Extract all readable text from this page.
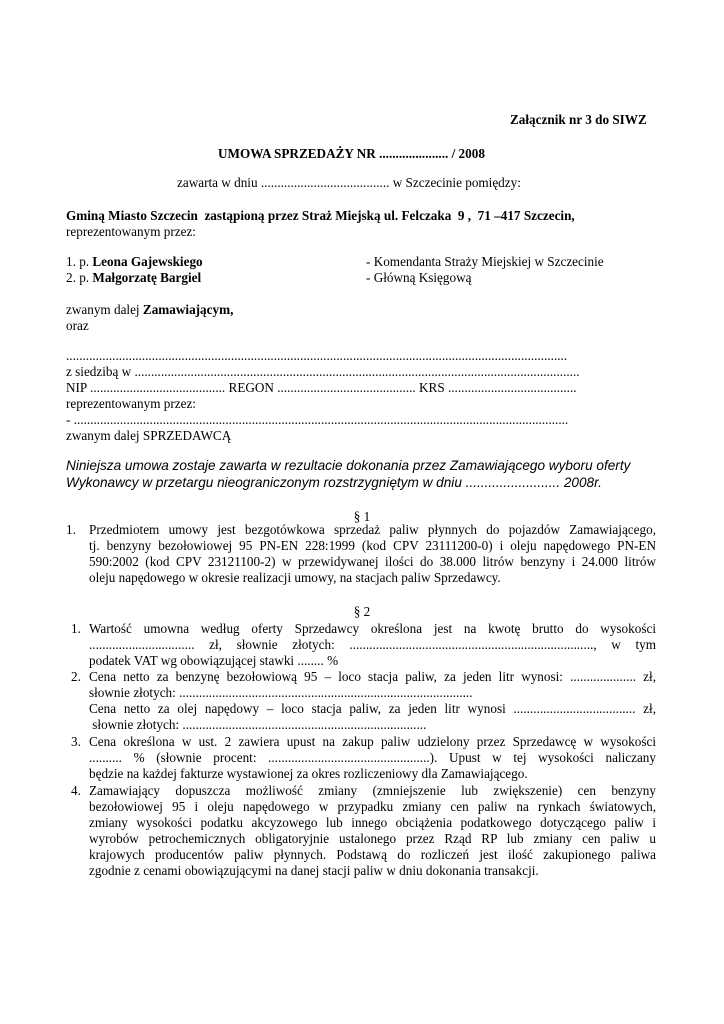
Załącznik nr 3 do SIWZ
UMOWA SPRZEDAŻY NR ..................... / 2008
zawarta w dniu ....................................... w Szczecinie pomiędzy:
Gminą Miasto Szczecin  zastąpioną przez Straż Miejską ul. Felczaka  9 ,  71 –417 Szczecin,
reprezentowanym przez:
1. p. Leona Gajewskiego	- Komendanta Straży Miejskiej w Szczecinie
2. p. Małgorzatę Bargiel	- Główną Księgową
zwanym dalej Zamawiającym,
oraz
........................................................................................................................................................
z siedzibą w .......................................................................................................................................
NIP ......................................... REGON .......................................... KRS .......................................
reprezentowanym przez:
- ......................................................................................................................................................
zwanym dalej SPRZEDAWCĄ
Niniejsza umowa zostaje zawarta w rezultacie dokonania przez Zamawiającego wyboru oferty
Wykonawcy w przetargu nieograniczonym rozstrzygniętym w dniu ......................... 2008r.
§ 1
1. Przedmiotem umowy jest bezgotówkowa sprzedaż paliw płynnych do pojazdów Zamawiającego,
tj. benzyny bezołowiowej 95 PN-EN 228:1999 (kod CPV 23111200-0) i oleju napędowego PN-EN
590:2002 (kod CPV 23121100-2) w przewidywanej ilości do 38.000 litrów benzyny i 24.000 litrów
oleju napędowego w okresie realizacji umowy, na stacjach paliw Sprzedawcy.
§ 2
1. Wartość umowna według oferty Sprzedawcy określona jest na kwotę brutto do wysokości
................................ zł, słownie złotych: .........................................................................., w tym
podatek VAT wg obowiązującej stawki ........ %
2. Cena netto za benzynę bezołowiową 95 – loco stacja paliw, za jeden litr wynosi: .................... zł,
słownie złotych: .........................................................................................
Cena netto za olej napędowy – loco stacja paliw, za jeden litr wynosi ..................................... zł,
słownie złotych: ..........................................................................
3. Cena określona w ust. 2 zawiera upust na zakup paliw udzielony przez Sprzedawcę w wysokości
.......... % (słownie procent: .................................................). Upust w tej wysokości naliczany
będzie na każdej fakturze wystawionej za okres rozliczeniowy dla Zamawiającego.
4. Zamawiający dopuszcza możliwość zmiany (zmniejszenie lub zwiększenie) cen benzyny
bezołowiowej 95 i oleju napędowego w przypadku zmiany cen paliw na rynkach światowych,
zmiany wysokości podatku akcyzowego lub innego obciążenia podatkowego dotyczącego paliw i
wyrobów petrochemicznych obligatoryjnie ustalonego przez Rząd RP lub zmiany cen paliw u
krajowych producentów paliw płynnych. Podstawą do rozliczeń jest ilość zakupionego paliwa
zgodnie z cenami obowiązującymi na danej stacji paliw w dniu dokonania transakcji.
